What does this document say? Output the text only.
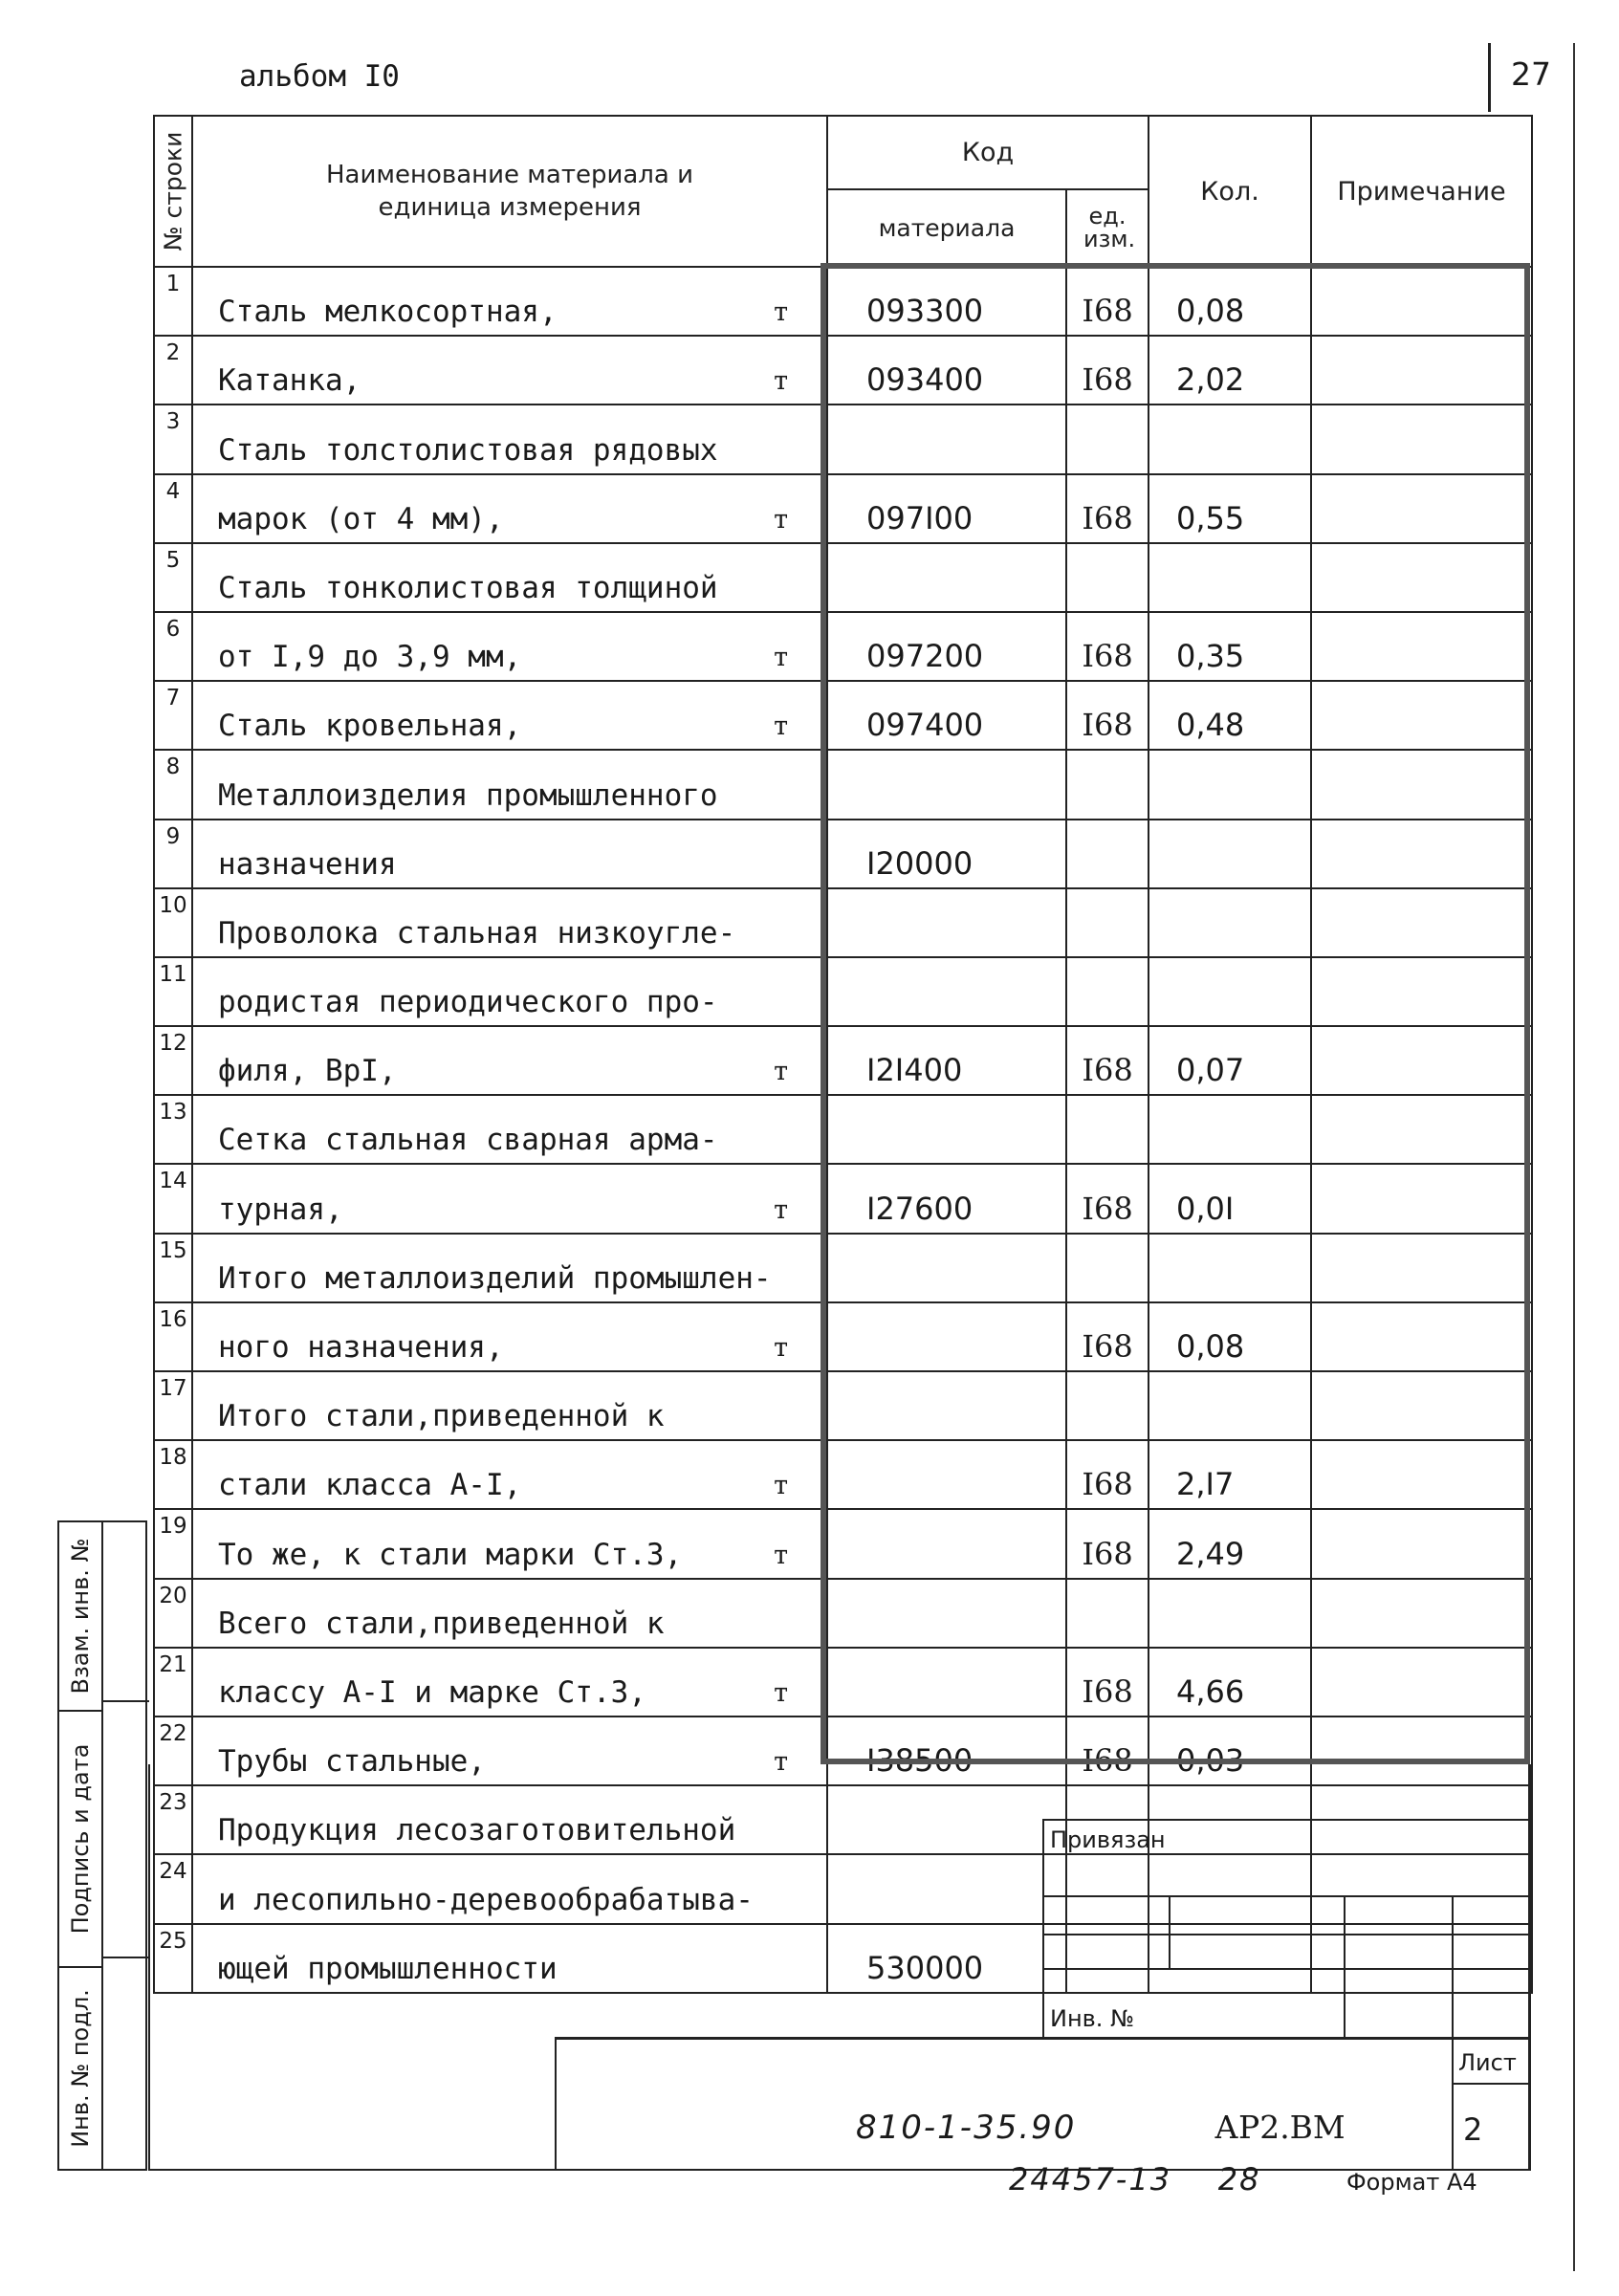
альбом I0	27
№ строки	Наименование материала и единица измерения	Код		Кол.	Примечание
		материала	ед. изм.		

1	Сталь мелкосортная, т	093300	I68	0,08	
2	Катанка, т	093400	I68	2,02	
3	Сталь толстолистовая рядовых

4	марок (от 4 мм), т	097I00	I68	0,55	
5	Сталь тонколистовая толщиной

6	от I,9 до 3,9 мм, т	097200	I68	0,35	
7	Сталь кровельная, т	097400	I68	0,48	
8	Металлоизделия промышленного

9	назначения	I20000			
10	Проволока стальная низкоугле-

11	родистая периодического про-

12	филя, ВрI, т	I2I400	I68	0,07	
13	Сетка стальная сварная арма-

14	турная, т	I27600	I68	0,0I	
15	Итого металлоизделий промышлен-

16	ного назначения, т		I68	0,08	
17	Итого стали,приведенной к

18	стали класса А-I, т		I68	2,I7	
19	То же, к стали марки Ст.3, т		I68	2,49	
20	Всего стали,приведенной к

21	классу А-I и марке Ст.3, т		I68	4,66	
22	Трубы стальные, т	I38500	I68	0,03	
23	Продукция лесозаготовительной

24	и лесопильно-деревообрабатыва-

25	ющей промышленности	530000			
Взам. инв. №
Подпись и дата
Инв. № подл.
Привязан
Инв. №
Лист
810-1-35.90	АР2.ВМ	2
24457-13    28	Формат А4
